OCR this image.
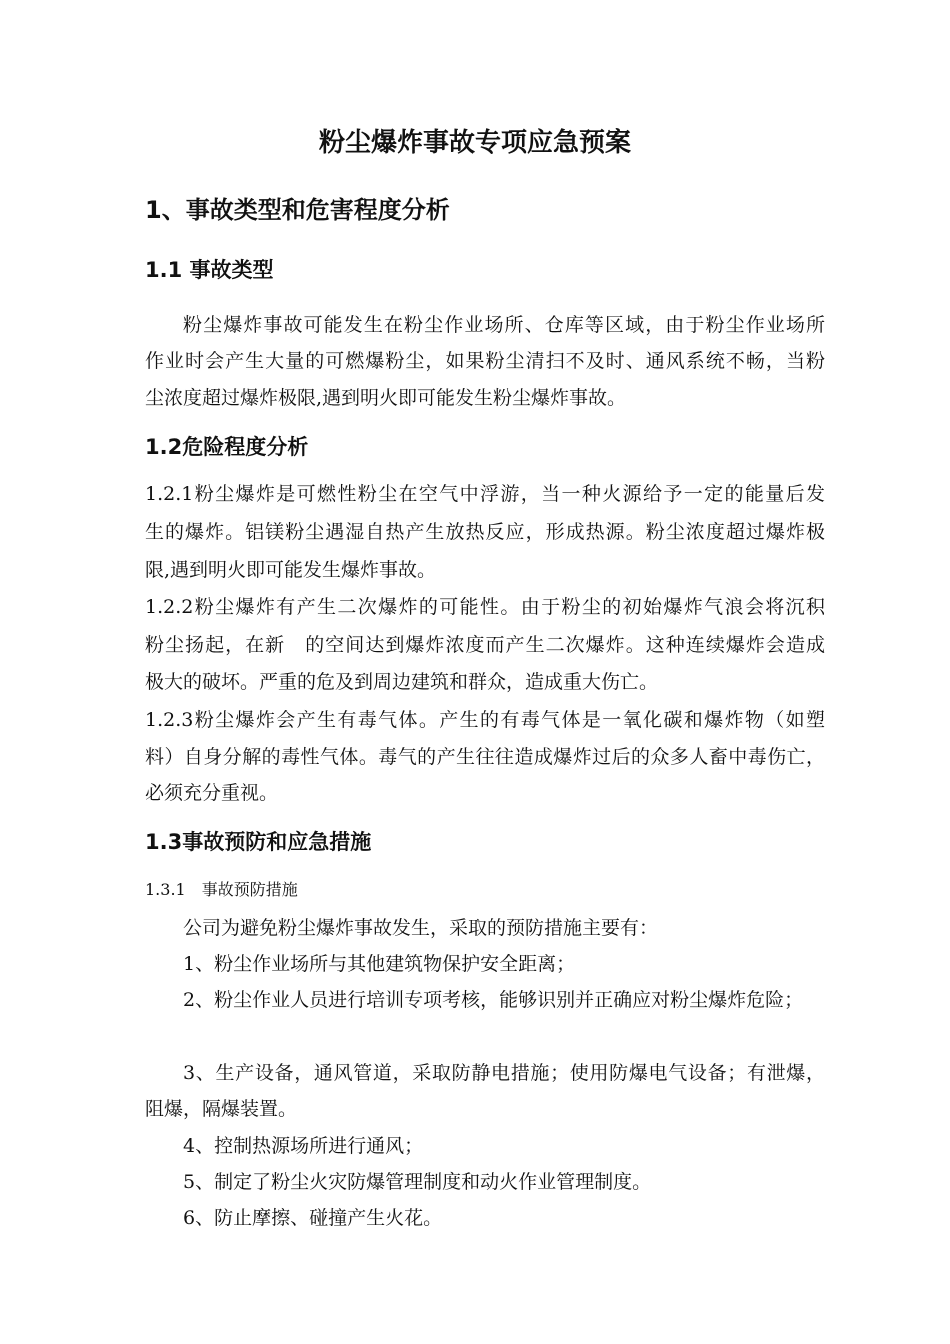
粉尘爆炸事故专项应急预案
1、事故类型和危害程度分析
1.1 事故类型
粉尘爆炸事故可能发生在粉尘作业场所、仓库等区域，由于粉尘作业场所
作业时会产生大量的可燃爆粉尘，如果粉尘清扫不及时、通风系统不畅，当粉
尘浓度超过爆炸极限,遇到明火即可能发生粉尘爆炸事故。
1.2危险程度分析
1.2.1粉尘爆炸是可燃性粉尘在空气中浮游，当一种火源给予一定的能量后发
生的爆炸。铝镁粉尘遇湿自热产生放热反应，形成热源。粉尘浓度超过爆炸极
限,遇到明火即可能发生爆炸事故。
1.2.2粉尘爆炸有产生二次爆炸的可能性。由于粉尘的初始爆炸气浪会将沉积
粉尘扬起，在新　的空间达到爆炸浓度而产生二次爆炸。这种连续爆炸会造成
极大的破坏。严重的危及到周边建筑和群众，造成重大伤亡。
1.2.3粉尘爆炸会产生有毒气体。产生的有毒气体是一氧化碳和爆炸物（如塑
料）自身分解的毒性气体。毒气的产生往往造成爆炸过后的众多人畜中毒伤亡，
必须充分重视。
1.3事故预防和应急措施
1.3.1　事故预防措施
公司为避免粉尘爆炸事故发生，采取的预防措施主要有：
1、粉尘作业场所与其他建筑物保护安全距离；
2、粉尘作业人员进行培训专项考核，能够识别并正确应对粉尘爆炸危险；
3、生产设备，通风管道，采取防静电措施；使用防爆电气设备；有泄爆，
阻爆，隔爆装置。
4、控制热源场所进行通风；
5、制定了粉尘火灾防爆管理制度和动火作业管理制度。
6、防止摩擦、碰撞产生火花。
